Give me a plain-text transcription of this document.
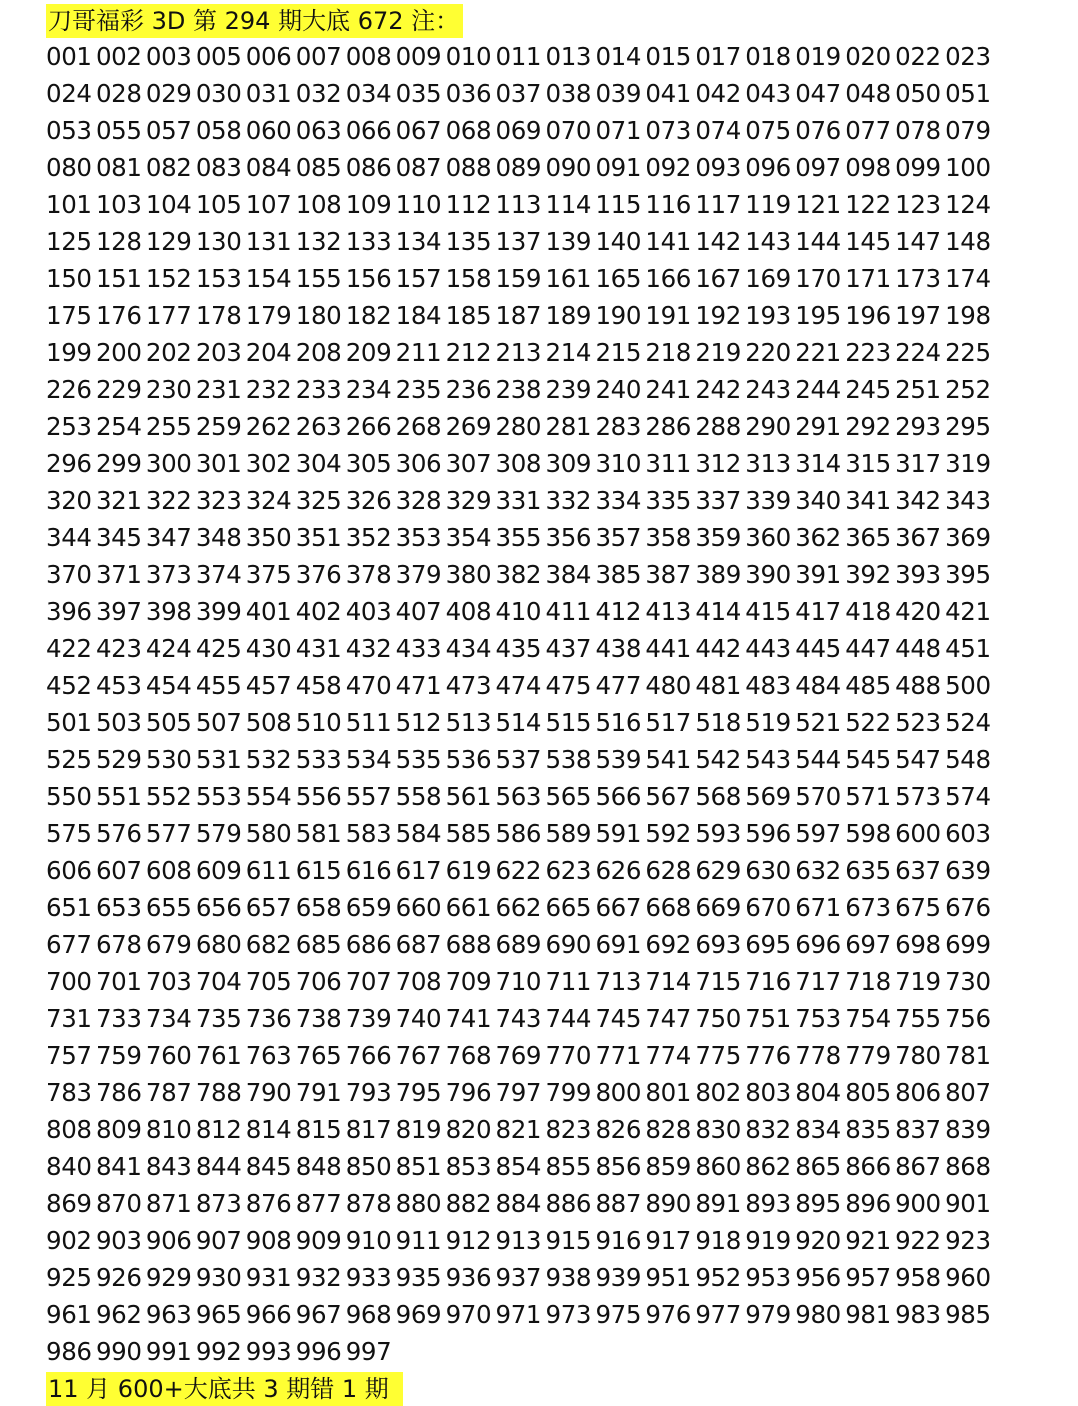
刀哥福彩 3D 第 294 期大底 672 注：
001 002 003 005 006 007 008 009 010 011 013 014 015 017 018 019 020 022 023
024 028 029 030 031 032 034 035 036 037 038 039 041 042 043 047 048 050 051
053 055 057 058 060 063 066 067 068 069 070 071 073 074 075 076 077 078 079
080 081 082 083 084 085 086 087 088 089 090 091 092 093 096 097 098 099 100
101 103 104 105 107 108 109 110 112 113 114 115 116 117 119 121 122 123 124
125 128 129 130 131 132 133 134 135 137 139 140 141 142 143 144 145 147 148
150 151 152 153 154 155 156 157 158 159 161 165 166 167 169 170 171 173 174
175 176 177 178 179 180 182 184 185 187 189 190 191 192 193 195 196 197 198
199 200 202 203 204 208 209 211 212 213 214 215 218 219 220 221 223 224 225
226 229 230 231 232 233 234 235 236 238 239 240 241 242 243 244 245 251 252
253 254 255 259 262 263 266 268 269 280 281 283 286 288 290 291 292 293 295
296 299 300 301 302 304 305 306 307 308 309 310 311 312 313 314 315 317 319
320 321 322 323 324 325 326 328 329 331 332 334 335 337 339 340 341 342 343
344 345 347 348 350 351 352 353 354 355 356 357 358 359 360 362 365 367 369
370 371 373 374 375 376 378 379 380 382 384 385 387 389 390 391 392 393 395
396 397 398 399 401 402 403 407 408 410 411 412 413 414 415 417 418 420 421
422 423 424 425 430 431 432 433 434 435 437 438 441 442 443 445 447 448 451
452 453 454 455 457 458 470 471 473 474 475 477 480 481 483 484 485 488 500
501 503 505 507 508 510 511 512 513 514 515 516 517 518 519 521 522 523 524
525 529 530 531 532 533 534 535 536 537 538 539 541 542 543 544 545 547 548
550 551 552 553 554 556 557 558 561 563 565 566 567 568 569 570 571 573 574
575 576 577 579 580 581 583 584 585 586 589 591 592 593 596 597 598 600 603
606 607 608 609 611 615 616 617 619 622 623 626 628 629 630 632 635 637 639
651 653 655 656 657 658 659 660 661 662 665 667 668 669 670 671 673 675 676
677 678 679 680 682 685 686 687 688 689 690 691 692 693 695 696 697 698 699
700 701 703 704 705 706 707 708 709 710 711 713 714 715 716 717 718 719 730
731 733 734 735 736 738 739 740 741 743 744 745 747 750 751 753 754 755 756
757 759 760 761 763 765 766 767 768 769 770 771 774 775 776 778 779 780 781
783 786 787 788 790 791 793 795 796 797 799 800 801 802 803 804 805 806 807
808 809 810 812 814 815 817 819 820 821 823 826 828 830 832 834 835 837 839
840 841 843 844 845 848 850 851 853 854 855 856 859 860 862 865 866 867 868
869 870 871 873 876 877 878 880 882 884 886 887 890 891 893 895 896 900 901
902 903 906 907 908 909 910 911 912 913 915 916 917 918 919 920 921 922 923
925 926 929 930 931 932 933 935 936 937 938 939 951 952 953 956 957 958 960
961 962 963 965 966 967 968 969 970 971 973 975 976 977 979 980 981 983 985
986 990 991 992 993 996 997
11 月 600+大底共 3 期错 1 期
